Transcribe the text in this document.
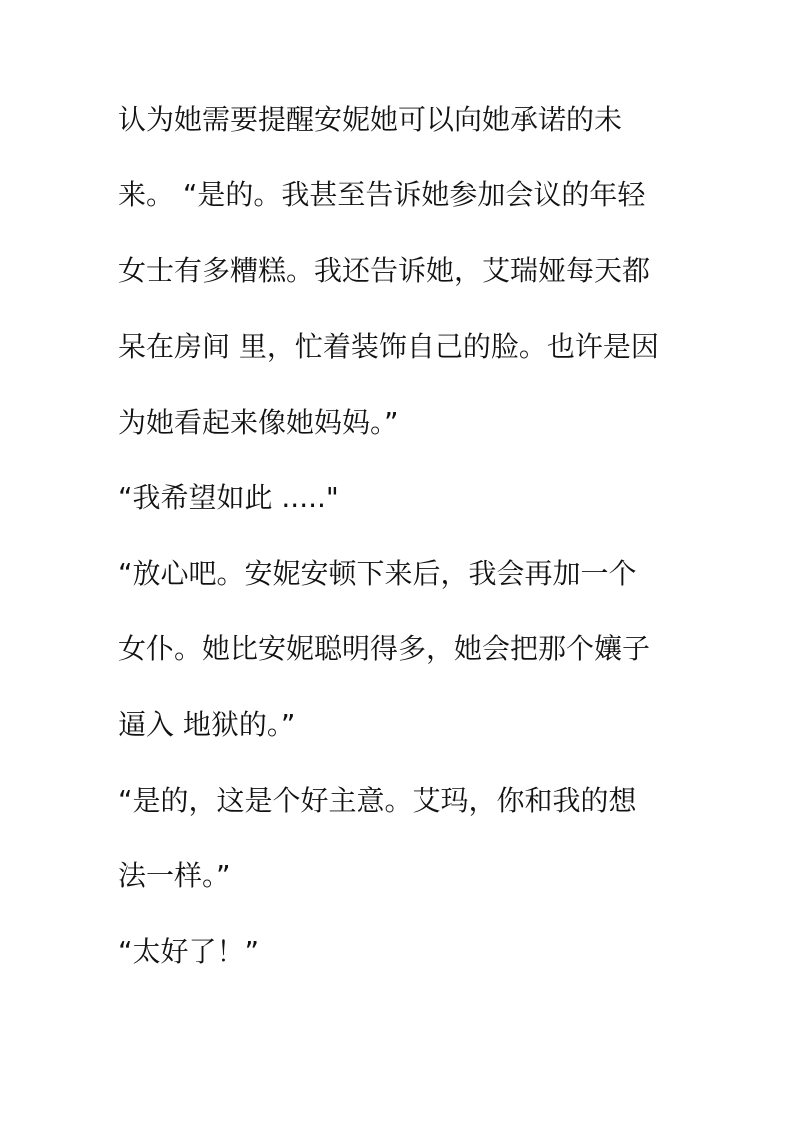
认为她需要提醒安妮她可以向她承诺的未

来。 “是的。我甚至告诉她参加会议的年轻

女士有多糟糕。我还告诉她，艾瑞娅每天都

呆在房间 里，忙着装饰自己的脸。也许是因

为她看起来像她妈妈。”

“我希望如此 ....."

“放心吧。安妮安顿下来后，我会再加一个

女仆。她比安妮聪明得多，她会把那个孃子

逼入 地狱的。”

“是的，这是个好主意。艾玛，你和我的想

法一样。”

“太好了！”
